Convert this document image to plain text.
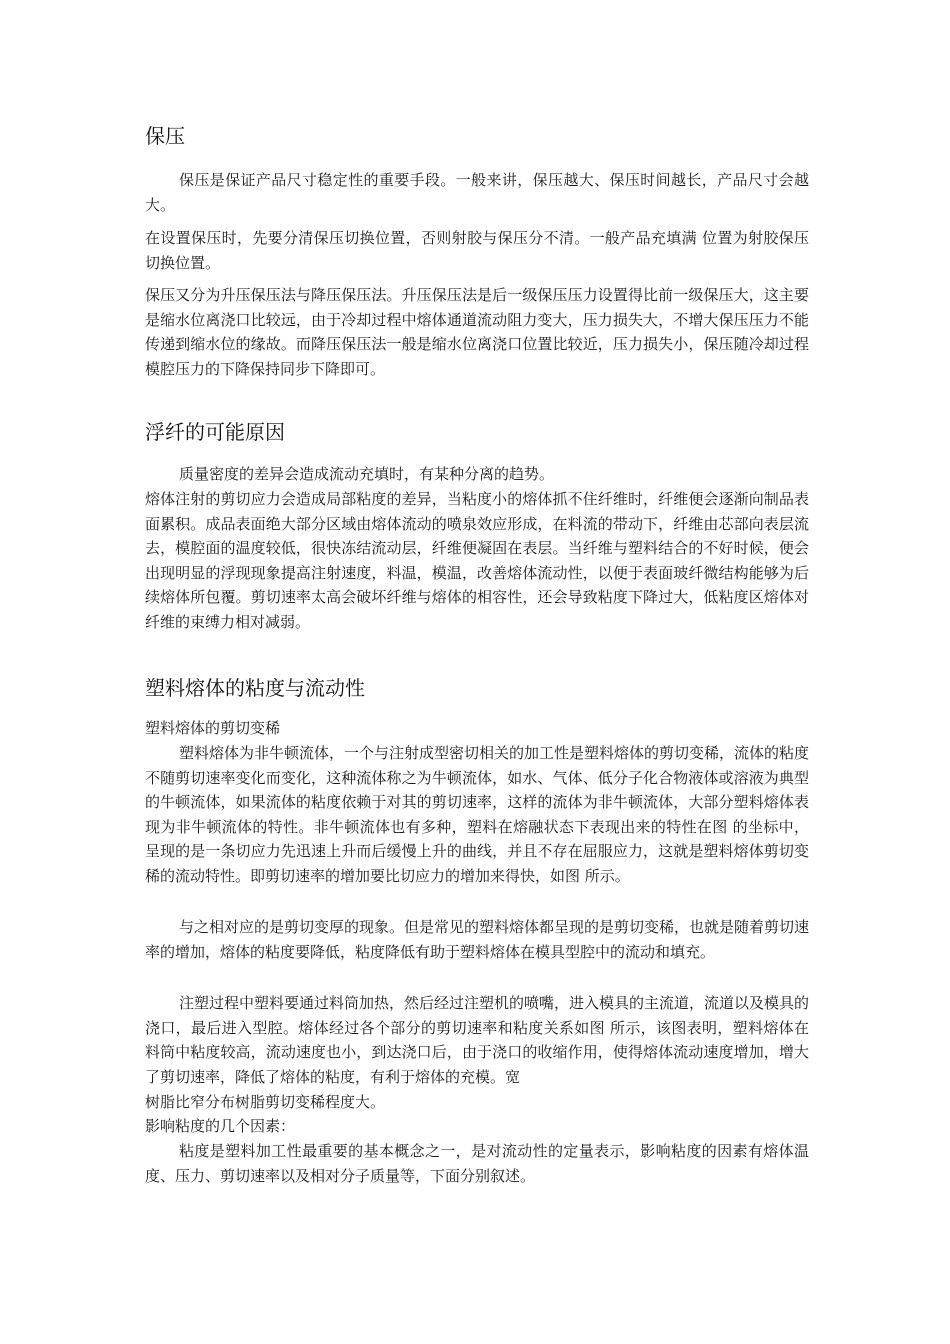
保压

保压是保证产品尺寸稳定性的重要手段。一般来讲，保压越大、保压时间越长，产品尺寸会越大。

在设置保压时，先要分清保压切换位置，否则射胶与保压分不清。一般产品充填满 位置为射胶保压切换位置。

保压又分为升压保压法与降压保压法。升压保压法是后一级保压压力设置得比前一级保压大，这主要是缩水位离浇口比较远，由于冷却过程中熔体通道流动阻力变大，压力损失大，不增大保压压力不能传递到缩水位的缘故。而降压保压法一般是缩水位离浇口位置比较近，压力损失小，保压随冷却过程模腔压力的下降保持同步下降即可。

浮纤的可能原因

质量密度的差异会造成流动充填时，有某种分离的趋势。

熔体注射的剪切应力会造成局部粘度的差异，当粘度小的熔体抓不住纤维时，纤维便会逐渐向制品表面累积。成品表面绝大部分区域由熔体流动的喷泉效应形成，在料流的带动下，纤维由芯部向表层流去，模腔面的温度较低，很快冻结流动层，纤维便凝固在表层。当纤维与塑料结合的不好时候，便会出现明显的浮现现象提高注射速度，料温，模温，改善熔体流动性，以便于表面玻纤微结构能够为后续熔体所包覆。剪切速率太高会破坏纤维与熔体的相容性，还会导致粘度下降过大，低粘度区熔体对纤维的束缚力相对减弱。

塑料熔体的粘度与流动性

塑料熔体的剪切变稀

塑料熔体为非牛顿流体，一个与注射成型密切相关的加工性是塑料熔体的剪切变稀，流体的粘度不随剪切速率变化而变化，这种流体称之为牛顿流体，如水、气体、低分子化合物液体或溶液为典型的牛顿流体，如果流体的粘度依赖于对其的剪切速率，这样的流体为非牛顿流体，大部分塑料熔体表现为非牛顿流体的特性。非牛顿流体也有多种，塑料在熔融状态下表现出来的特性在图 的坐标中，呈现的是一条切应力先迅速上升而后缓慢上升的曲线，并且不存在屈服应力，这就是塑料熔体剪切变稀的流动特性。即剪切速率的增加要比切应力的增加来得快，如图 所示。

与之相对应的是剪切变厚的现象。但是常见的塑料熔体都呈现的是剪切变稀，也就是随着剪切速率的增加，熔体的粘度要降低，粘度降低有助于塑料熔体在模具型腔中的流动和填充。

注塑过程中塑料要通过料筒加热，然后经过注塑机的喷嘴，进入模具的主流道，流道以及模具的浇口，最后进入型腔。熔体经过各个部分的剪切速率和粘度关系如图 所示，该图表明，塑料熔体在料筒中粘度较高，流动速度也小，到达浇口后，由于浇口的收缩作用，使得熔体流动速度增加，增大了剪切速率，降低了熔体的粘度，有利于熔体的充模。宽

树脂比窄分布树脂剪切变稀程度大。

影响粘度的几个因素：

粘度是塑料加工性最重要的基本概念之一，是对流动性的定量表示，影响粘度的因素有熔体温度、压力、剪切速率以及相对分子质量等，下面分别叙述。
